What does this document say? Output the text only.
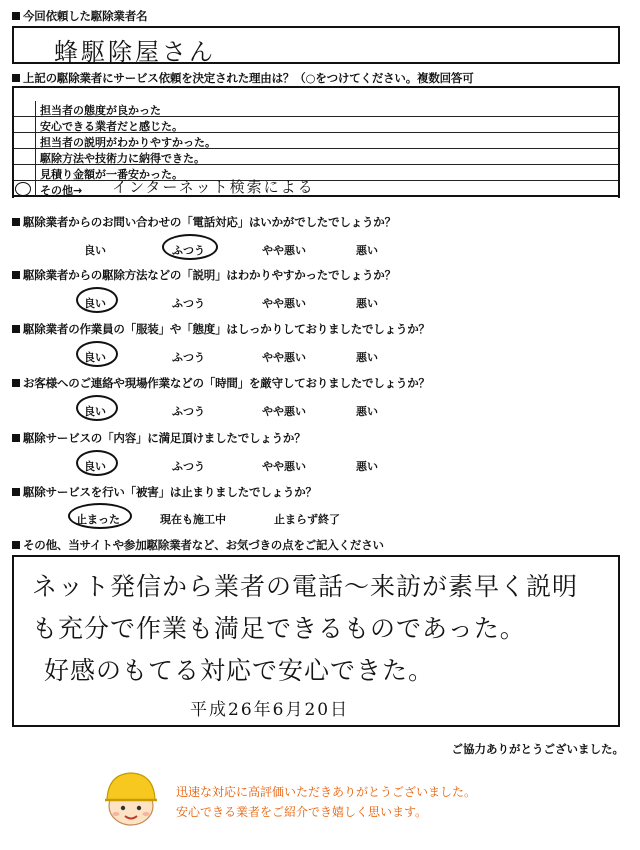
今回依頼した駆除業者名
蜂駆除屋さん
上記の駆除業者にサービス依頼を決定された理由は？（○をつけてください。複数回答可
担当者の態度が良かった
安心できる業者だと感じた。
担当者の説明がわかりやすかった。
駆除方法や技術力に納得できた。
見積り金額が一番安かった。
その他→ インターネット検索による
駆除業者からのお問い合わせの「電話対応」はいかがでしたでしょうか？
良い	ふつう	やや悪い	悪い
駆除業者からの駆除方法などの「説明」はわかりやすかったでしょうか？
良い	ふつう	やや悪い	悪い
駆除業者の作業員の「服装」や「態度」はしっかりしておりましたでしょうか？
良い	ふつう	やや悪い	悪い
お客様へのご連絡や現場作業などの「時間」を厳守しておりましたでしょうか？
良い	ふつう	やや悪い	悪い
駆除サービスの「内容」に満足頂けましたでしょうか？
良い	ふつう	やや悪い	悪い
駆除サービスを行い「被害」は止まりましたでしょうか？
止まった	現在も施工中	止まらず終了
その他、当サイトや参加駆除業者など、お気づきの点をご記入ください
ネット発信から業者の電話〜来訪が素早く説明
も充分で作業も満足できるものであった。
好感のもてる対応で安心できた。
平成26年6月20日
ご協力ありがとうございました。
迅速な対応に高評価いただきありがとうございました。
安心できる業者をご紹介でき嬉しく思います。
